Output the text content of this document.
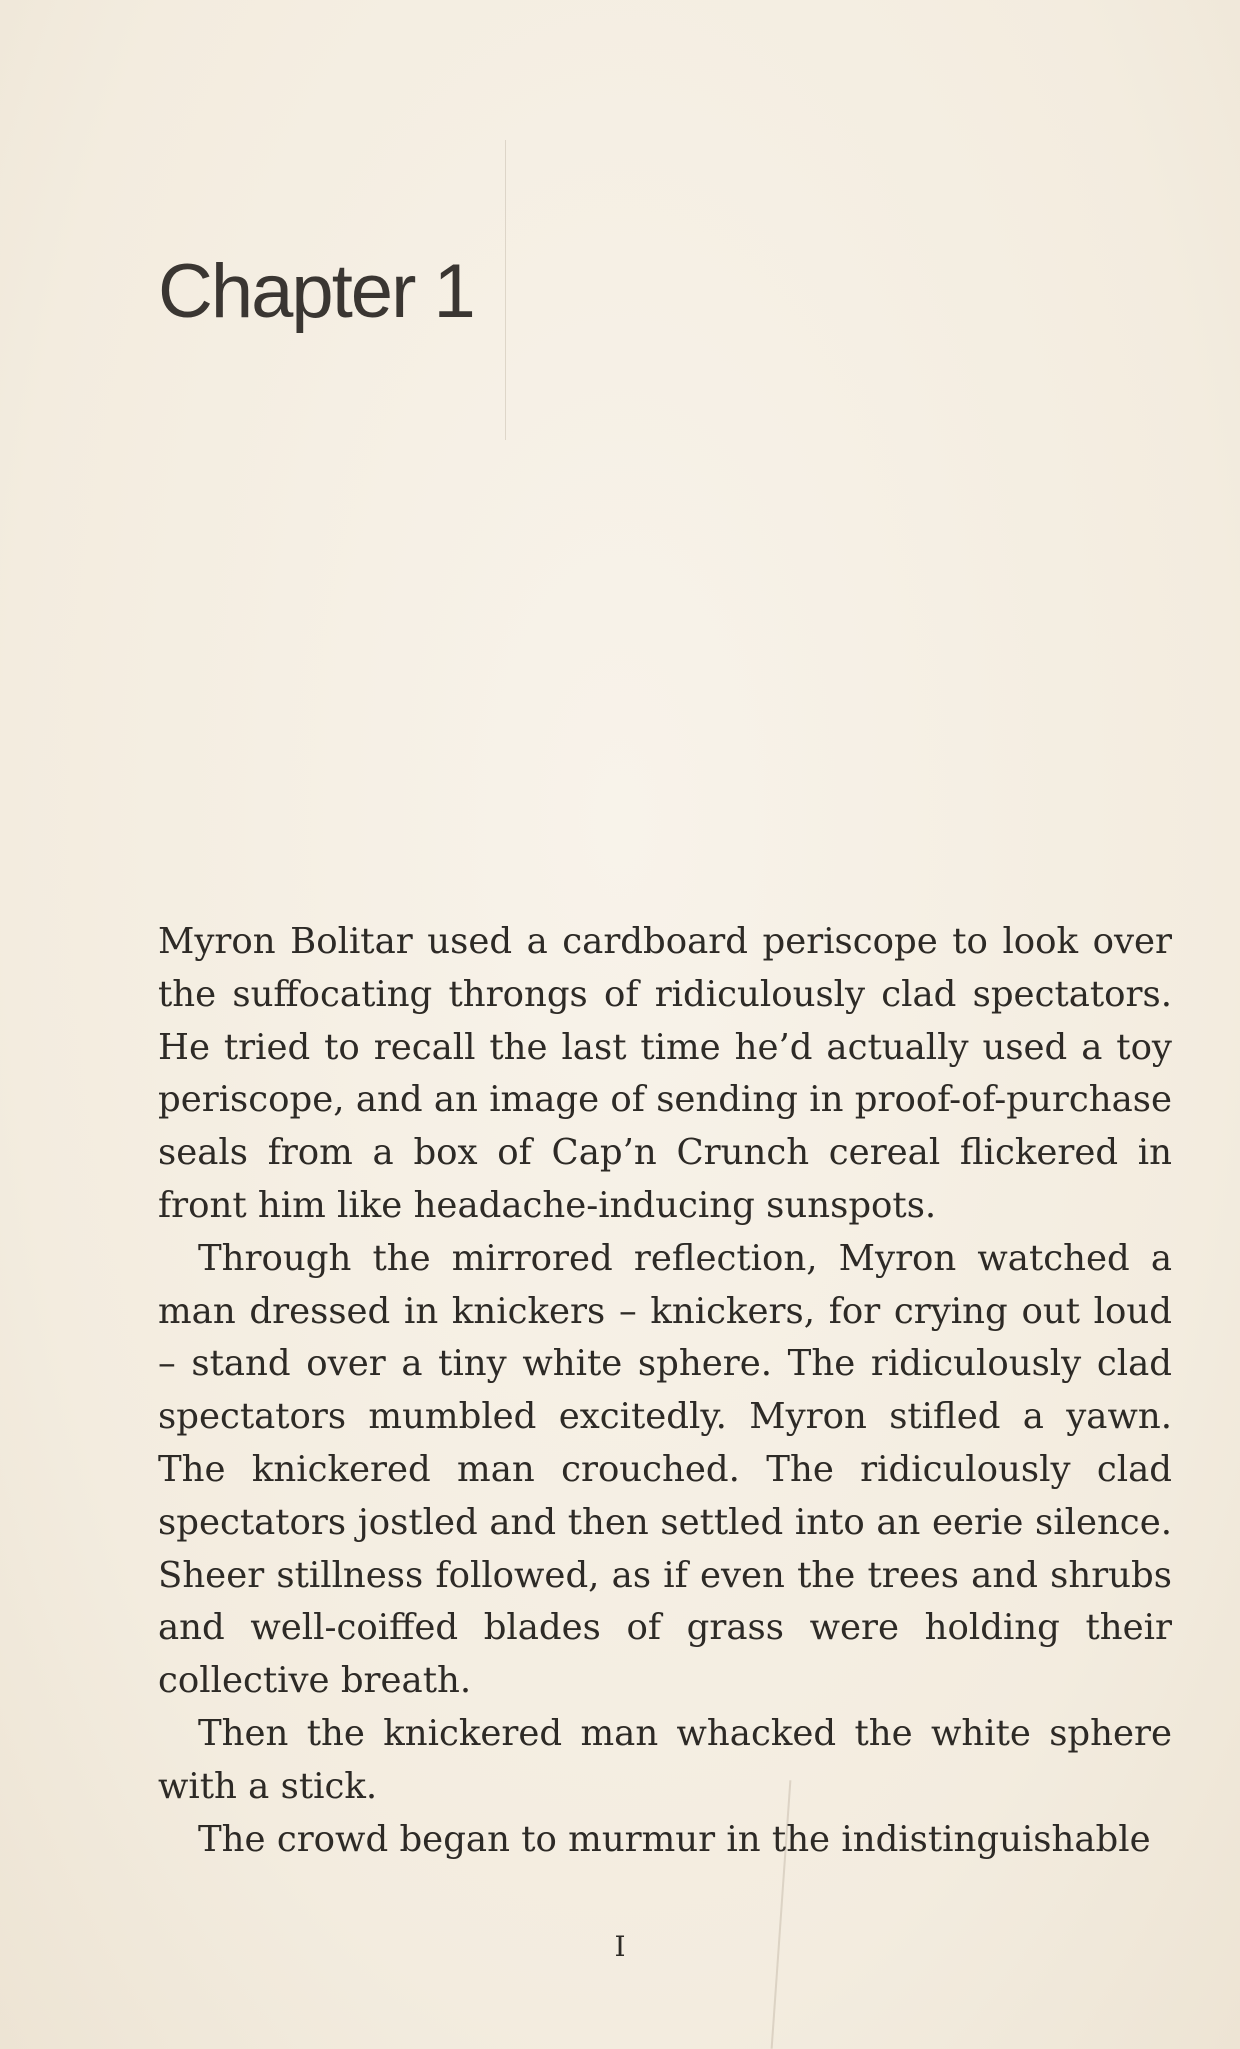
Chapter 1

Myron Bolitar used a cardboard periscope to look over the suffocating throngs of ridiculously clad spectators. He tried to recall the last time he’d actually used a toy periscope, and an image of sending in proof-of-purchase seals from a box of Cap’n Crunch cereal flickered in front him like headache-inducing sunspots.

Through the mirrored reflection, Myron watched a man dressed in knickers – knickers, for crying out loud – stand over a tiny white sphere. The ridiculously clad spectators mumbled excitedly. Myron stifled a yawn. The knickered man crouched. The ridiculously clad spectators jostled and then settled into an eerie silence. Sheer stillness followed, as if even the trees and shrubs and well-coiffed blades of grass were holding their collective breath.

Then the knickered man whacked the white sphere with a stick.

The crowd began to murmur in the indistinguishable

I
